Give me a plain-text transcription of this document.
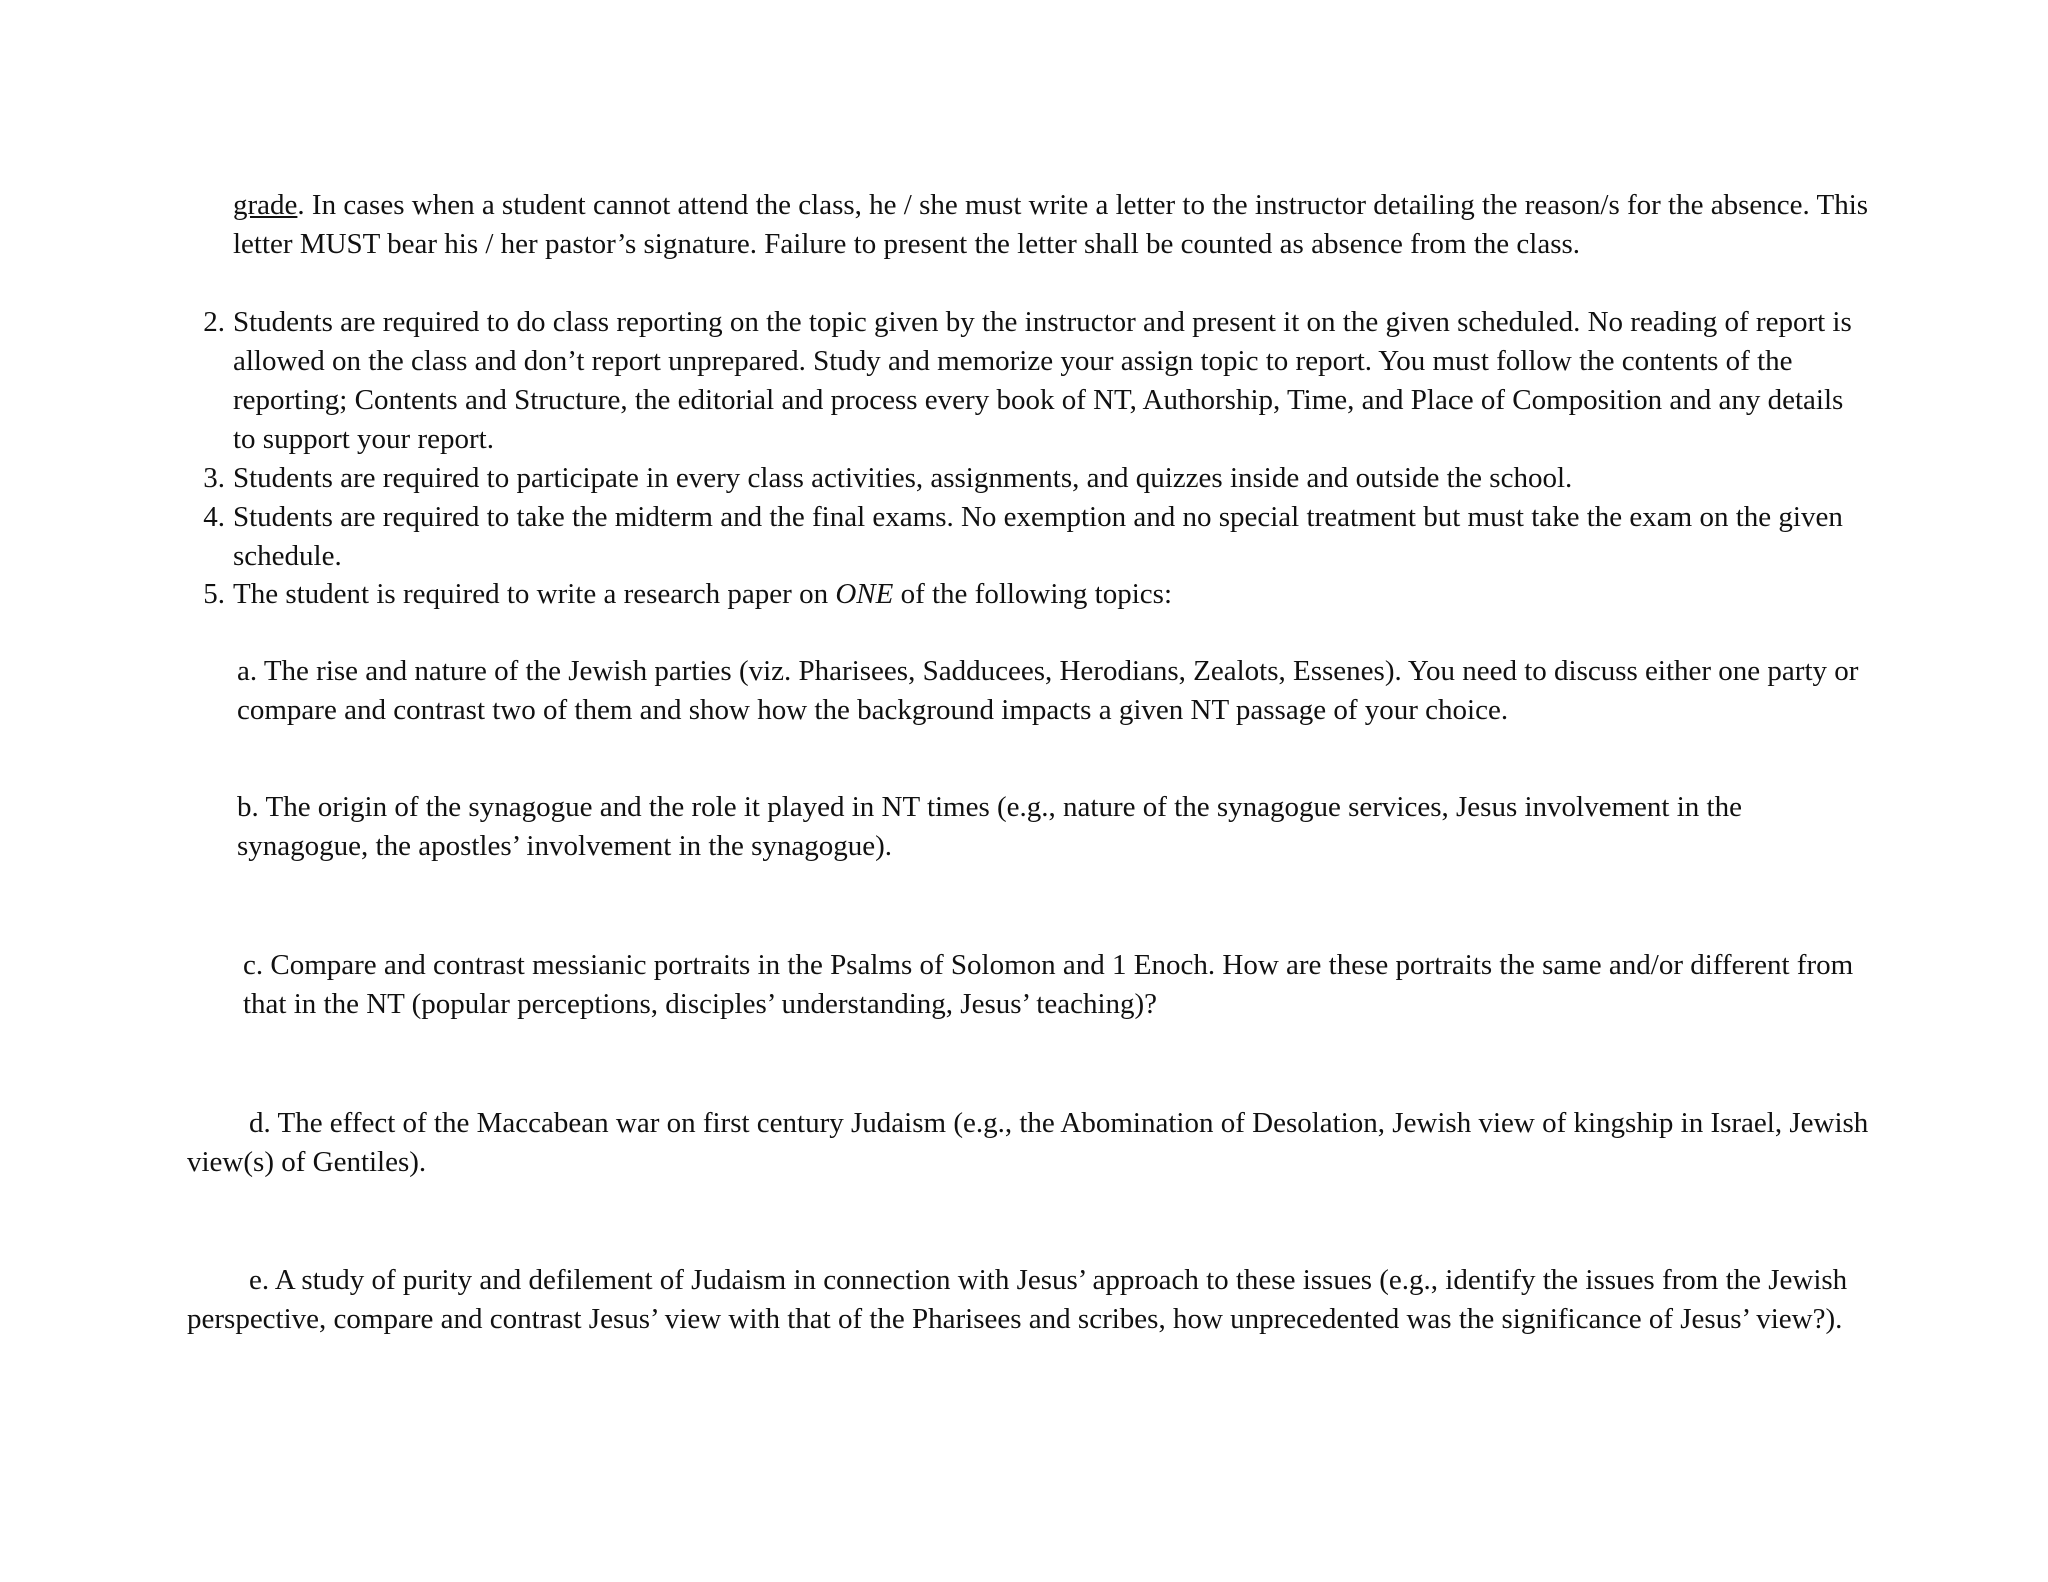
grade. In cases when a student cannot attend the class, he / she must write a letter to the instructor detailing the reason/s for the absence. This letter MUST bear his / her pastor’s signature. Failure to present the letter shall be counted as absence from the class.
2. Students are required to do class reporting on the topic given by the instructor and present it on the given scheduled. No reading of report is allowed on the class and don’t report unprepared. Study and memorize your assign topic to report. You must follow the contents of the reporting; Contents and Structure, the editorial and process every book of NT, Authorship, Time, and Place of Composition and any details to support your report.
3. Students are required to participate in every class activities, assignments, and quizzes inside and outside the school.
4. Students are required to take the midterm and the final exams. No exemption and no special treatment but must take the exam on the given schedule.
5. The student is required to write a research paper on ONE of the following topics:
a. The rise and nature of the Jewish parties (viz. Pharisees, Sadducees, Herodians, Zealots, Essenes). You need to discuss either one party or compare and contrast two of them and show how the background impacts a given NT passage of your choice.
b. The origin of the synagogue and the role it played in NT times (e.g., nature of the synagogue services, Jesus involvement in the synagogue, the apostles’ involvement in the synagogue).
c. Compare and contrast messianic portraits in the Psalms of Solomon and 1 Enoch. How are these portraits the same and/or different from that in the NT (popular perceptions, disciples’ understanding, Jesus’ teaching)?
d. The effect of the Maccabean war on first century Judaism (e.g., the Abomination of Desolation, Jewish view of kingship in Israel, Jewish view(s) of Gentiles).
e. A study of purity and defilement of Judaism in connection with Jesus’ approach to these issues (e.g., identify the issues from the Jewish perspective, compare and contrast Jesus’ view with that of the Pharisees and scribes, how unprecedented was the significance of Jesus’ view?).
